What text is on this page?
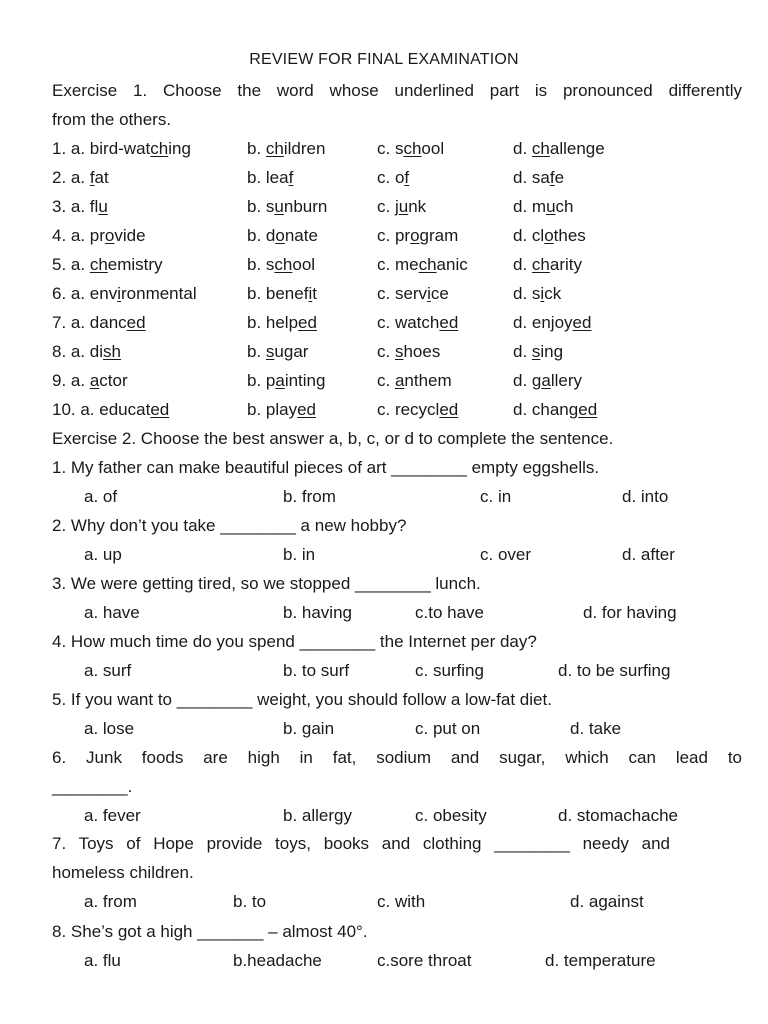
REVIEW FOR FINAL EXAMINATION
Exercise 1. Choose the word whose underlined part is pronounced differently
from the others.
1. a. bird-watching	b. children	c. school	d. challenge
2. a. fat	b. leaf	c. of	d. safe
3. a. flu	b. sunburn	c. junk	d. much
4. a. provide	b. donate	c. program	d. clothes
5. a. chemistry	b. school	c. mechanic	d. charity
6. a. environmental	b. benefit	c. service	d. sick
7. a. danced	b. helped	c. watched	d. enjoyed
8. a. dish	b. sugar	c. shoes	d. sing
9. a. actor	b. painting	c. anthem	d. gallery
10. a. educated	b. played	c. recycled	d. changed
Exercise 2. Choose the best answer a, b, c, or d to complete the sentence.
1. My father can make beautiful pieces of art ________ empty eggshells.
a. of	b. from	c. in	d. into
2. Why don’t you take ________ a new hobby?
a. up	b. in	c. over	d. after
3. We were getting tired, so we stopped ________ lunch.
a. have	b. having	c.to have	d. for having
4. How much time do you spend ________ the Internet per day?
a. surf	b. to surf	c. surfing	d. to be surfing
5. If you want to ________ weight, you should follow a low-fat diet.
a. lose	b. gain	c. put on	d. take
6. Junk foods are high in fat, sodium and sugar, which can lead to
________.
a. fever	b. allergy	c. obesity	d. stomachache
7. Toys of Hope provide toys, books and clothing ________ needy and
homeless children.
a. from	b. to	c. with	d. against
8. She’s got a high _______ – almost 40°.
a. flu	b.headache	c.sore throat	d. temperature
